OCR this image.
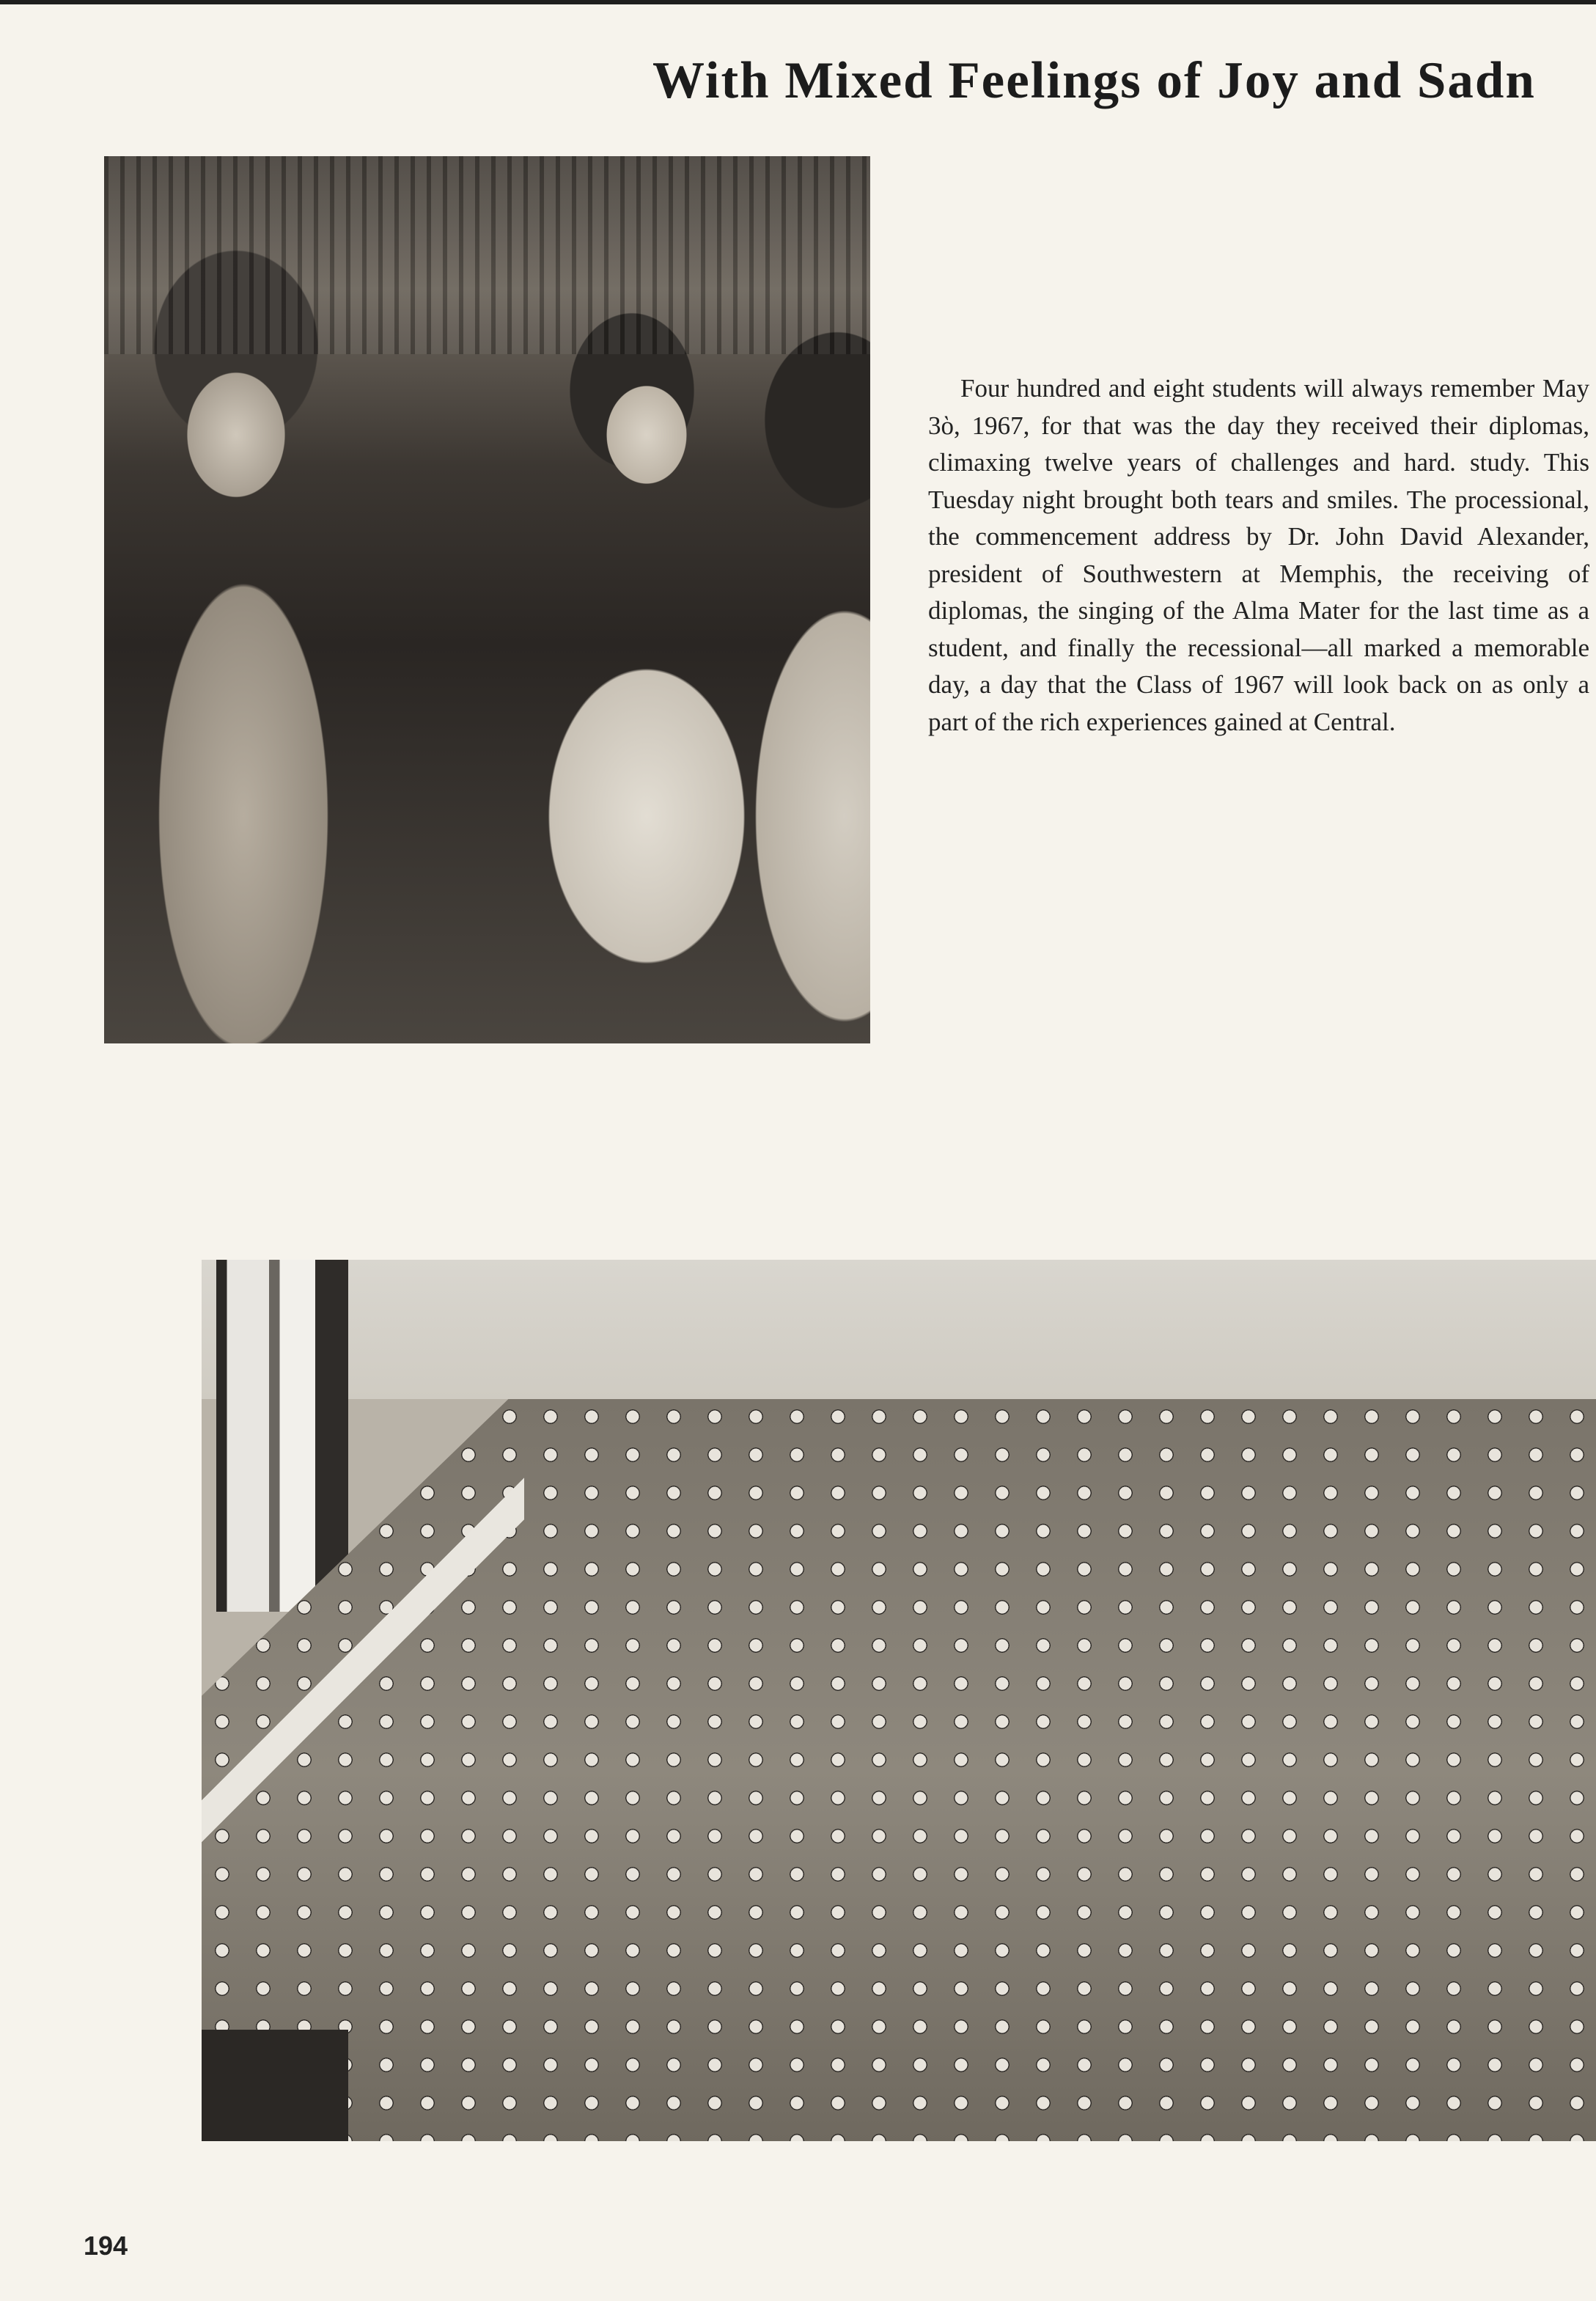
With Mixed Feelings of Joy and Sadn
Four hundred and eight students will always remember May 3ὸ, 1967, for that was the day they received their diplomas, climaxing twelve years of challenges and hard. study. This Tuesday night brought both tears and smiles. The processional, the commencement address by Dr. John David Alexander, president of Southwestern at Memphis, the receiving of diplomas, the singing of the Alma Mater for the last time as a student, and finally the recessional—all marked a memorable day, a day that the Class of 1967 will look back on as only a part of the rich experiences gained at Central.
194
